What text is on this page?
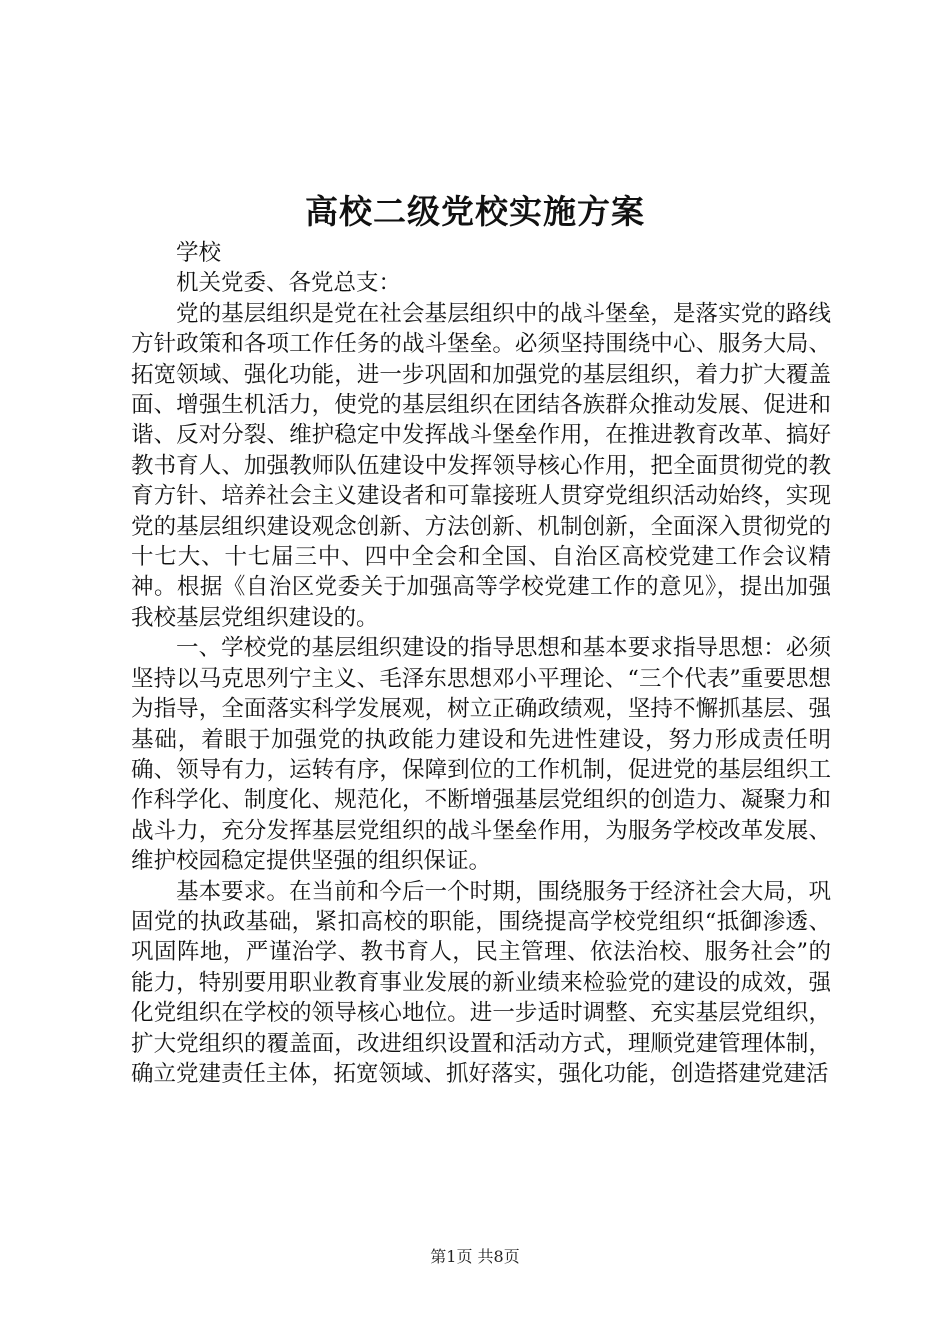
高校二级党校实施方案

学校

机关党委、各党总支：

党的基层组织是党在社会基层组织中的战斗堡垒，是落实党的路线方针政策和各项工作任务的战斗堡垒。必须坚持围绕中心、服务大局、拓宽领域、强化功能，进一步巩固和加强党的基层组织，着力扩大覆盖面、增强生机活力，使党的基层组织在团结各族群众推动发展、促进和谐、反对分裂、维护稳定中发挥战斗堡垒作用，在推进教育改革、搞好教书育人、加强教师队伍建设中发挥领导核心作用，把全面贯彻党的教育方针、培养社会主义建设者和可靠接班人贯穿党组织活动始终，实现党的基层组织建设观念创新、方法创新、机制创新，全面深入贯彻党的十七大、十七届三中、四中全会和全国、自治区高校党建工作会议精神。根据《自治区党委关于加强高等学校党建工作的意见》，提出加强我校基层党组织建设的。

一、学校党的基层组织建设的指导思想和基本要求指导思想：必须坚持以马克思列宁主义、毛泽东思想邓小平理论、“三个代表”重要思想为指导，全面落实科学发展观，树立正确政绩观，坚持不懈抓基层、强基础，着眼于加强党的执政能力建设和先进性建设，努力形成责任明确、领导有力，运转有序，保障到位的工作机制，促进党的基层组织工作科学化、制度化、规范化，不断增强基层党组织的创造力、凝聚力和战斗力，充分发挥基层党组织的战斗堡垒作用，为服务学校改革发展、维护校园稳定提供坚强的组织保证。

基本要求。在当前和今后一个时期，围绕服务于经济社会大局，巩固党的执政基础，紧扣高校的职能，围绕提高学校党组织“抵御渗透、巩固阵地，严谨治学、教书育人，民主管理、依法治校、服务社会”的能力，特别要用职业教育事业发展的新业绩来检验党的建设的成效，强化党组织在学校的领导核心地位。进一步适时调整、充实基层党组织，扩大党组织的覆盖面，改进组织设置和活动方式，理顺党建管理体制，确立党建责任主体，拓宽领域、抓好落实，强化功能，创造搭建党建活

第1页 共8页
